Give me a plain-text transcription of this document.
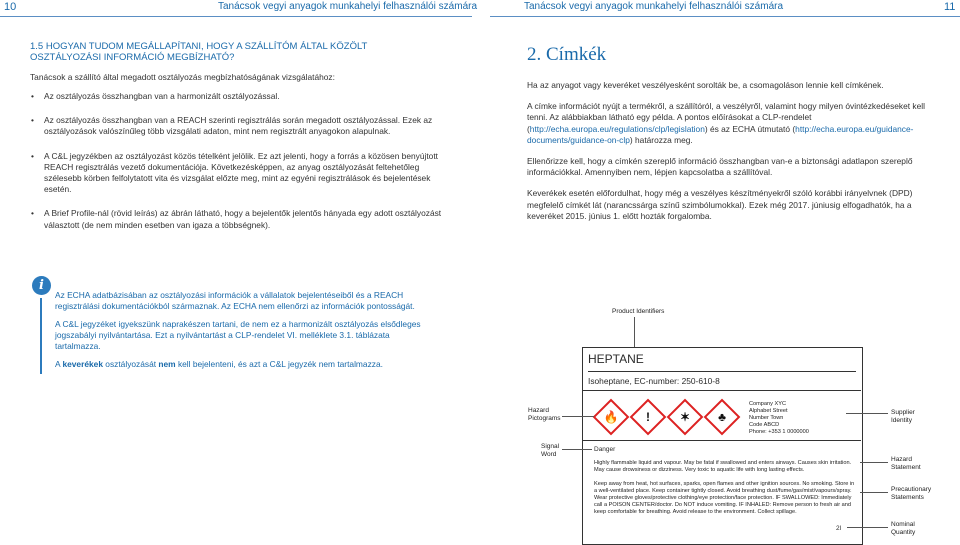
10	Tanácsok vegyi anyagok munkahelyi felhasználói számára	Tanácsok vegyi anyagok munkahelyi felhasználói számára	11
1.5 HOGYAN TUDOM MEGÁLLAPÍTANI, HOGY A SZÁLLÍTÓM ÁLTAL KÖZÖLT OSZTÁLYOZÁSI INFORMÁCIÓ MEGBÍZHATÓ?
Tanácsok a szállító által megadott osztályozás megbízhatóságának vizsgálatához:
• Az osztályozás összhangban van a harmonizált osztályozással.
• Az osztályozás összhangban van a REACH szerinti regisztrálás során megadott osztályozással. Ezek az osztályozások valószínűleg több vizsgálati adaton, mint nem regisztrált anyagokon alapulnak.
• A C&L jegyzékben az osztályozást közös tételként jelölik. Ez azt jelenti, hogy a forrás a közösen benyújtott REACH regisztrálás vezető dokumentációja. Következésképpen, az anyag osztályozását feltehetőleg szélesebb körben felfolytatott vita és vizsgálat előzte meg, mint az egyéni regisztrálások és bejelentések esetén.
• A Brief Profile-nál (rövid leírás) az ábrán látható, hogy a bejelentők jelentős hányada egy adott osztályozást választott (de nem minden esetben van igaza a többségnek).
i

Az ECHA adatbázisában az osztályozási információk a vállalatok bejelentéseiből és a REACH regisztrálási dokumentációkból származnak. Az ECHA nem ellenőrzi az információk pontosságát.

A C&L jegyzéket igyekszünk naprakészen tartani, de nem ez a harmonizált osztályozás elsődleges jogszabályi nyilvántartása. Ezt a nyilvántartást a CLP-rendelet VI. melléklete 3.1. táblázata tartalmazza.

A keverékek osztályozását nem kell bejelenteni, és azt a C&L jegyzék nem tartalmazza.

2. Címkék

Ha az anyagot vagy keveréket veszélyesként sorolták be, a csomagoláson lennie kell címkének.

A címke információt nyújt a termékről, a szállítóról, a veszélyről, valamint hogy milyen óvintézkedéseket kell tenni. Az alábbiakban látható egy példa. A pontos előírásokat a CLP-rendelet (http://echa.europa.eu/regulations/clp/legislation) és az ECHA útmutató (http://echa.europa.eu/guidance-documents/guidance-on-clp) határozza meg.

Ellenőrizze kell, hogy a címkén szereplő információ összhangban van-e a biztonsági adatlapon szereplő információkkal. Amennyiben nem, lépjen kapcsolatba a szállítóval.

Keverékek esetén előfordulhat, hogy még a veszélyes készítményekről szóló korábbi irányelvnek (DPD) megfelelő címkét lát (narancssárga színű szimbólumokkal). Ezek még 2017. júniusig elfogadhatók, ha a keveréket 2015. június 1. előtt hozták forgalomba.

Product Identifiers
HEPTANE
Isoheptane, EC-number: 250-610-8
🔥	!	✶	♣
Company XYC
Alphabet Street
Number Town
Code ABCD
Phone: +353 1 0000000
Danger
Highly flammable liquid and vapour. May be fatal if swallowed and enters airways. Causes skin irritation. May cause drowsiness or dizziness. Very toxic to aquatic life with long lasting effects.
Keep away from heat, hot surfaces, sparks, open flames and other ignition sources. No smoking. Store in a well-ventilated place. Keep container tightly closed. Avoid breathing dust/fume/gas/mist/vapours/spray. Wear protective gloves/protective clothing/eye protection/face protection. IF SWALLOWED: Immediately call a POISON CENTER/doctor. Do NOT induce vomiting. IF INHALED: Remove person to fresh air and keep comfortable for breathing. Avoid release to the environment. Collect spillage.
2l
Hazard Pictograms
Signal Word
Supplier Identity
Hazard Statement
Precautionary Statements
Nominal Quantity
